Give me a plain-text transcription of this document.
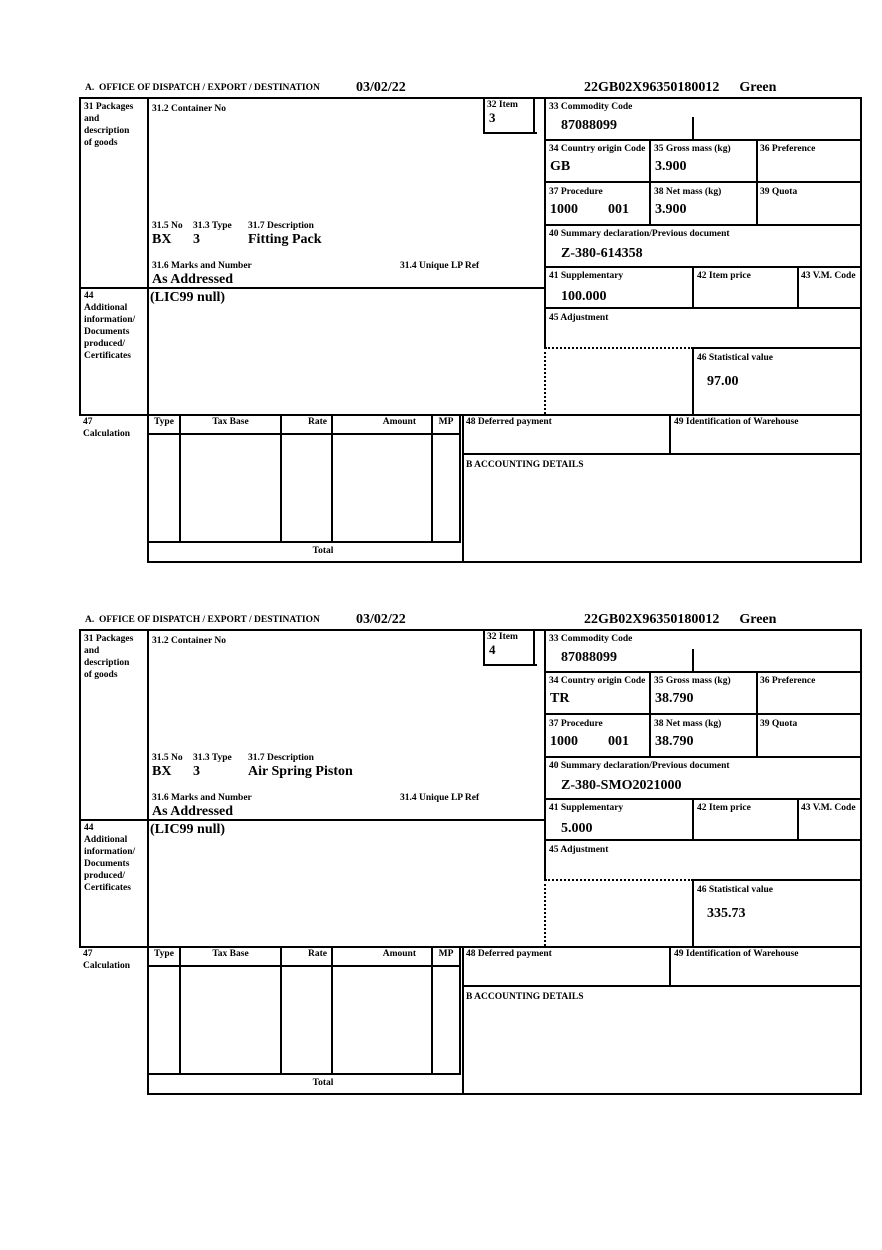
A.  OFFICE OF DISPATCH / EXPORT / DESTINATION	03/02/22	22GB02X96350180012 Green
31 Packages
and
description
of goods
31.2 Container No	32 Item
3
33 Commodity Code
87088099
34 Country origin Code
GB
35 Gross mass (kg)
3.900
36 Preference
37 Procedure
1000 001
38 Net mass (kg)
3.900
39 Quota
40 Summary declaration/Previous document
Z-380-614358
41 Supplementary
100.000
42 Item price	43 V.M. Code
45 Adjustment
46 Statistical value
97.00
31.5 No 31.3 Type 31.7 Description
BX 3	Fitting Pack
31.6 Marks and Number	31.4 Unique LP Ref
As Addressed
44
Additional
information/
Documents
produced/
Certificates
(LIC99 null)
47
Calculation
Type	Tax Base	Rate	Amount	MP	48 Deferred payment	49 Identification of Warehouse
B ACCOUNTING DETAILS
Total
A.  OFFICE OF DISPATCH / EXPORT / DESTINATION	03/02/22	22GB02X96350180012 Green
31 Packages
and
description
of goods
31.2 Container No	32 Item
4
33 Commodity Code
87088099
34 Country origin Code
TR
35 Gross mass (kg)
38.790
36 Preference
37 Procedure
1000 001
38 Net mass (kg)
38.790
39 Quota
40 Summary declaration/Previous document
Z-380-SMO2021000
41 Supplementary
5.000
42 Item price	43 V.M. Code
45 Adjustment
46 Statistical value
335.73
31.5 No 31.3 Type 31.7 Description
BX 3	Air Spring Piston
31.6 Marks and Number	31.4 Unique LP Ref
As Addressed
44
Additional
information/
Documents
produced/
Certificates
(LIC99 null)
47
Calculation
Type	Tax Base	Rate	Amount	MP	48 Deferred payment	49 Identification of Warehouse
B ACCOUNTING DETAILS
Total
